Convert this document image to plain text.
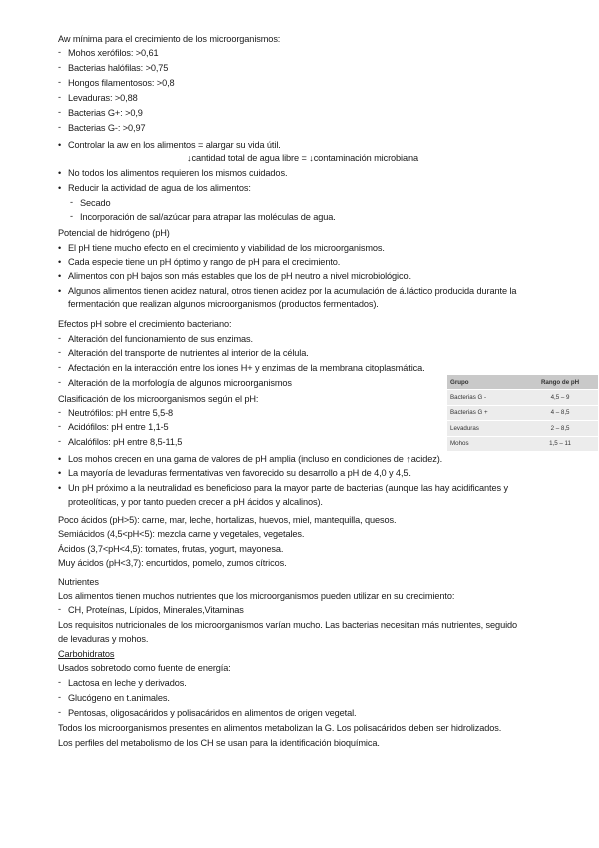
Aw mínima para el crecimiento de los microorganismos:
‐ Mohos xerófilos: >0,61
‐ Bacterias halófilas: >0,75
‐ Hongos filamentosos: >0,8
‐ Levaduras: >0,88
‐ Bacterias G+: >0,9
‐ Bacterias G-: >0,97
• Controlar la aw en los alimentos = alargar su vida útil.
↓cantidad total de agua libre = ↓contaminación microbiana
• No todos los alimentos requieren los mismos cuidados.
• Reducir la actividad de agua de los alimentos:
‐ Secado
‐ Incorporación de sal/azúcar para atrapar las moléculas de agua.
Potencial de hidrógeno (pH)
• El pH tiene mucho efecto en el crecimiento y viabilidad de los microorganismos.
• Cada especie tiene un pH óptimo y rango de pH para el crecimiento.
• Alimentos con pH bajos son más estables que los de pH neutro a nivel microbiológico.
• Algunos alimentos tienen acidez natural, otros tienen acidez por la acumulación de á.láctico producida durante la
fermentación que realizan algunos microorganismos (productos fermentados).
Efectos pH sobre el crecimiento bacteriano:
‐ Alteración del funcionamiento de sus enzimas.
‐ Alteración del transporte de nutrientes al interior de la célula.
‐ Afectación en la interacción entre los iones H+ y enzimas de la membrana citoplasmática.
‐ Alteración de la morfología de algunos microorganismos
Clasificación de los microorganismos según el pH:
‐ Neutrófilos: pH entre 5,5-8
‐ Acidófilos: pH entre 1,1-5
‐ Alcalófilos: pH entre 8,5-11,5
Grupo	Rango de pH
Bacterias G -	4,5 – 9
Bacterias G +	4 – 8,5
Levaduras	2 – 8,5
Mohos	1,5 – 11
• Los mohos crecen en una gama de valores de pH amplia (incluso en condiciones de ↑acidez).
• La mayoría de levaduras fermentativas ven favorecido su desarrollo a pH de 4,0 y 4,5.
• Un pH próximo a la neutralidad es beneficioso para la mayor parte de bacterias (aunque las hay acidificantes y
proteolíticas, y por tanto pueden crecer a pH ácidos y alcalinos).
Poco ácidos (pH>5): carne, mar, leche, hortalizas, huevos, miel, mantequilla, quesos.
Semiácidos (4,5<pH<5): mezcla carne y vegetales, vegetales.
Ácidos (3,7<pH<4,5): tomates, frutas, yogurt, mayonesa.
Muy ácidos (pH<3,7): encurtidos, pomelo, zumos cítricos.
Nutrientes
Los alimentos tienen muchos nutrientes que los microorganismos pueden utilizar en su crecimiento:
‐ CH, Proteínas, Lípidos, Minerales,Vitaminas
Los requisitos nutricionales de los microorganismos varían mucho. Las bacterias necesitan más nutrientes, seguido
de levaduras y mohos.
Carbohidratos
Usados sobretodo como fuente de energía:
‐ Lactosa en leche y derivados.
‐ Glucógeno en t.animales.
‐ Pentosas, oligosacáridos y polisacáridos en alimentos de origen vegetal.
Todos los microorganismos presentes en alimentos metabolizan la G. Los polisacáridos deben ser hidrolizados.
Los perfiles del metabolismo de los CH se usan para la identificación bioquímica.
